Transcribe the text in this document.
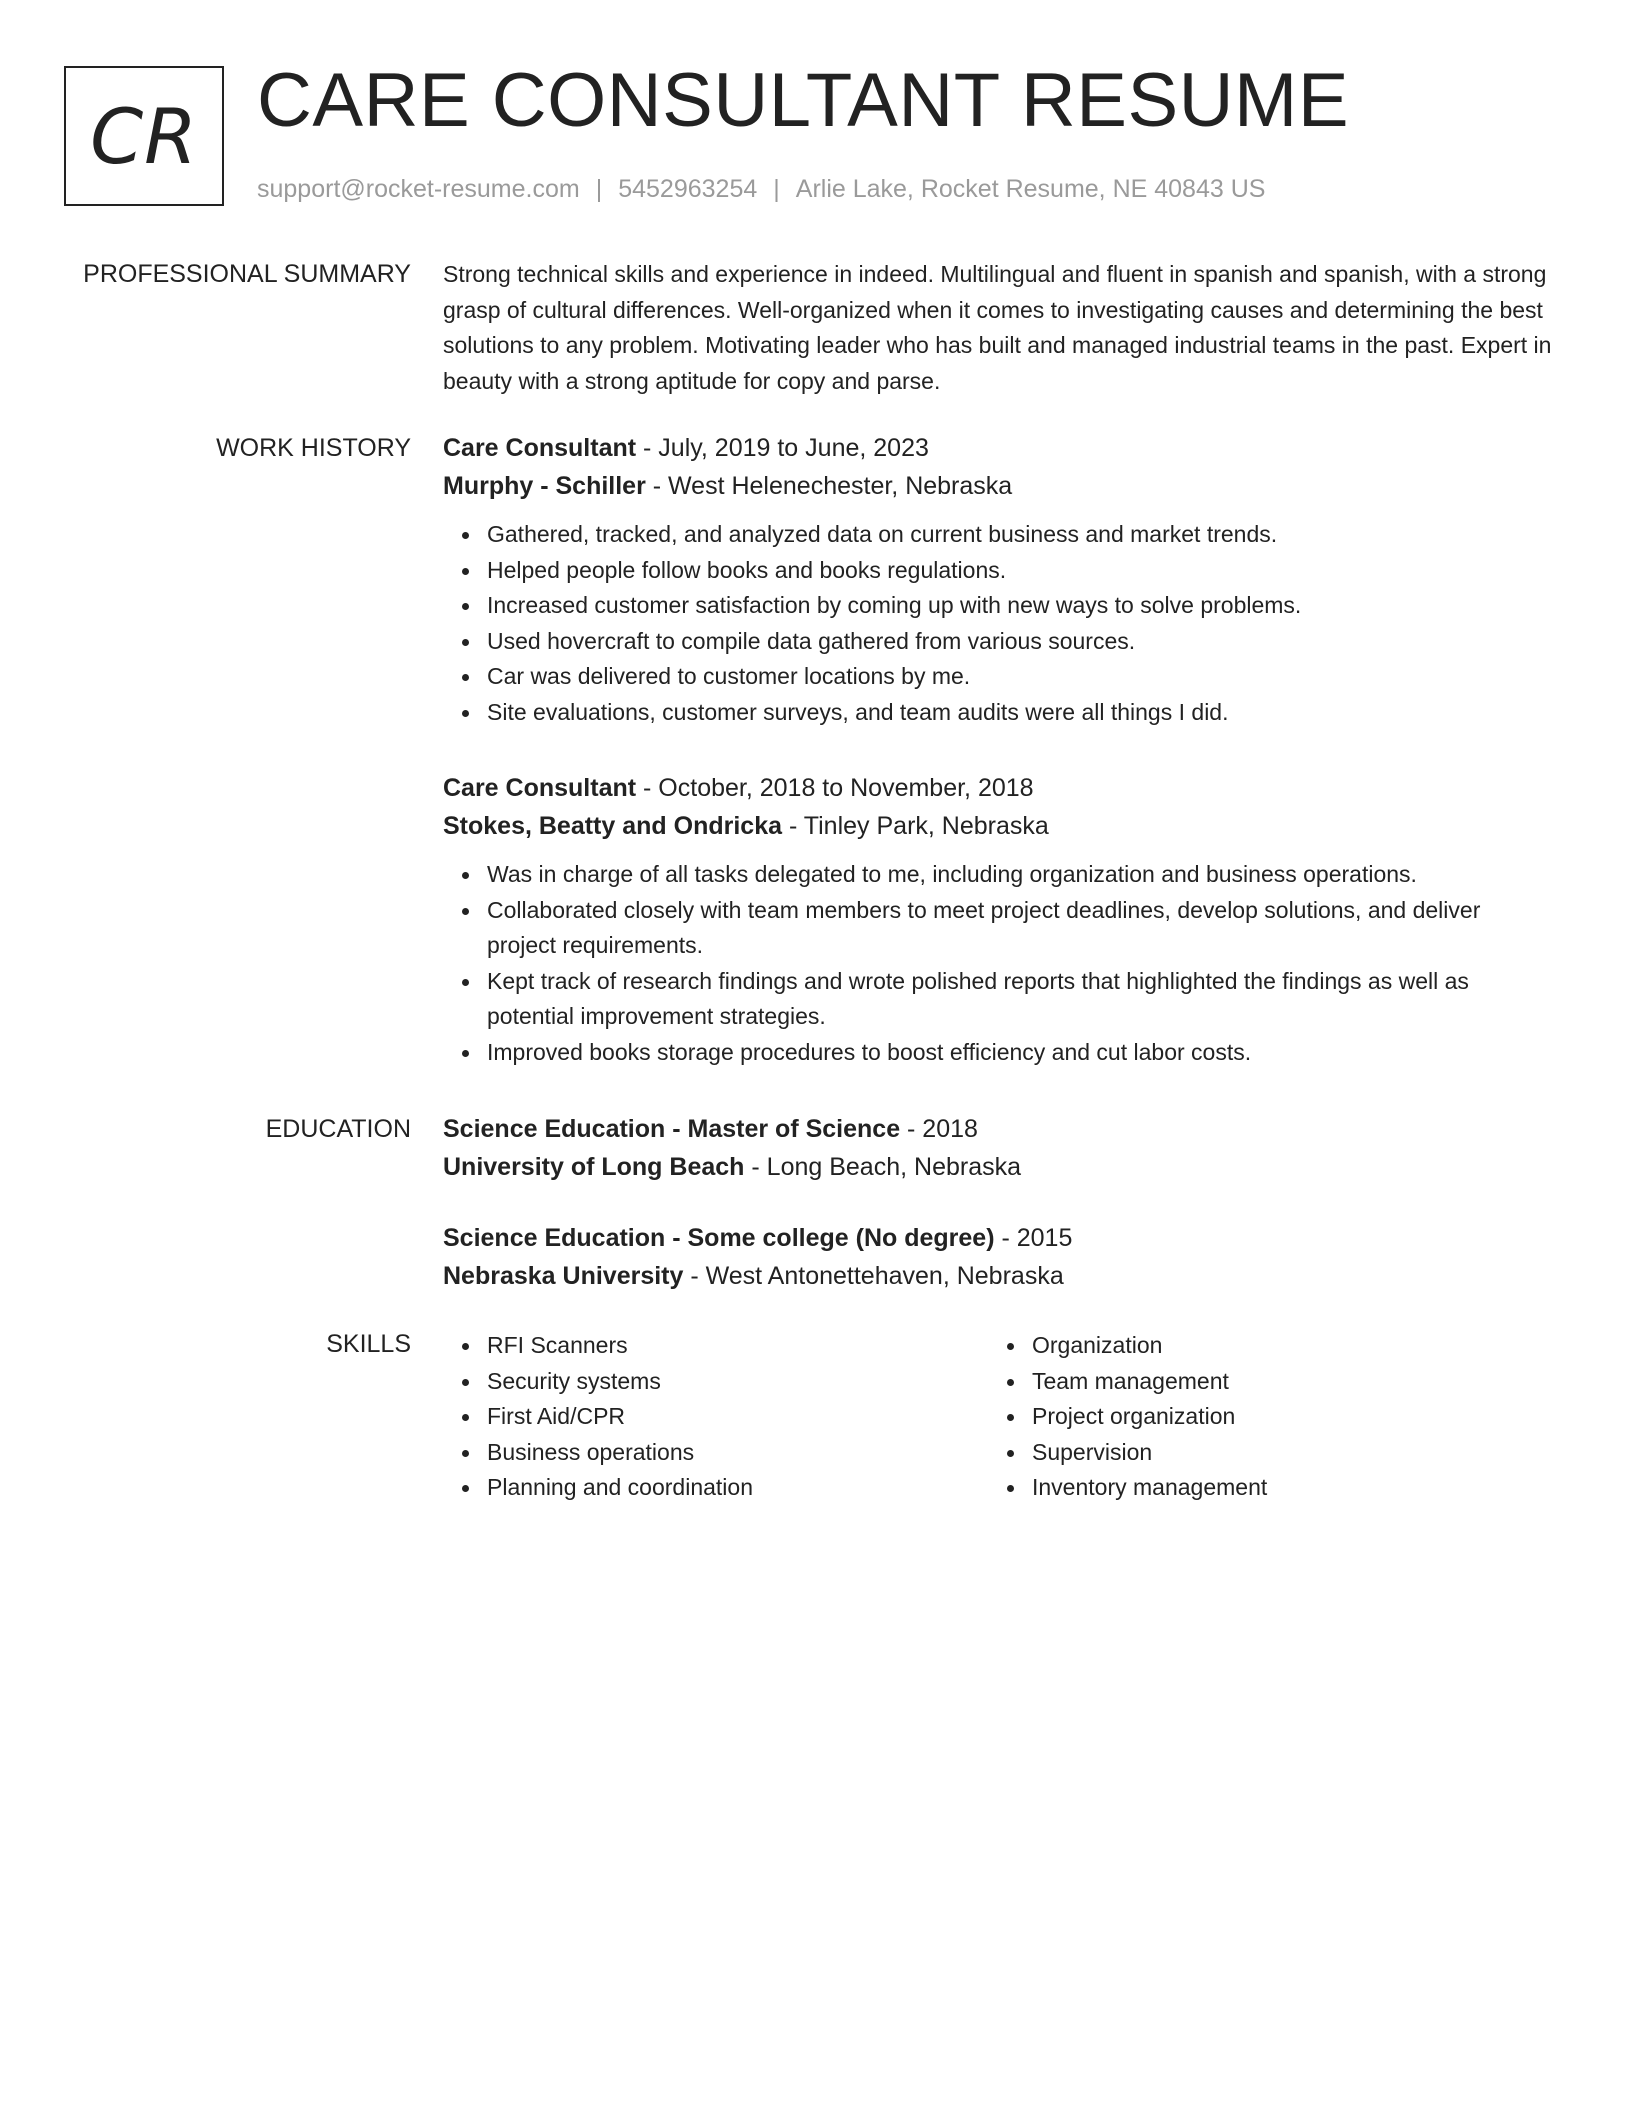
CR CARE CONSULTANT RESUME
support@rocket-resume.com | 5452963254 | Arlie Lake, Rocket Resume, NE 40843 US
PROFESSIONAL SUMMARY Strong technical skills and experience in indeed. Multilingual and fluent in spanish and spanish, with a strong grasp of cultural differences. Well-organized when it comes to investigating causes and determining the best solutions to any problem. Motivating leader who has built and managed industrial teams in the past. Expert in beauty with a strong aptitude for copy and parse.

WORK HISTORY Care Consultant - July, 2019 to June, 2023
Murphy - Schiller - West Helenechester, Nebraska
Gathered, tracked, and analyzed data on current business and market trends.
Helped people follow books and books regulations.
Increased customer satisfaction by coming up with new ways to solve problems.
Used hovercraft to compile data gathered from various sources.
Car was delivered to customer locations by me.
Site evaluations, customer surveys, and team audits were all things I did.
Care Consultant - October, 2018 to November, 2018
Stokes, Beatty and Ondricka - Tinley Park, Nebraska
Was in charge of all tasks delegated to me, including organization and business operations.
Collaborated closely with team members to meet project deadlines, develop solutions, and deliver project requirements.
Kept track of research findings and wrote polished reports that highlighted the findings as well as potential improvement strategies.
Improved books storage procedures to boost efficiency and cut labor costs.
EDUCATION Science Education - Master of Science - 2018
University of Long Beach - Long Beach, Nebraska
Science Education - Some college (No degree) - 2015
Nebraska University - West Antonettehaven, Nebraska
SKILLS	RFI Scanners
Security systems
First Aid/CPR
Business operations
Planning and coordination
Organization
Team management
Project organization
Supervision
Inventory management
